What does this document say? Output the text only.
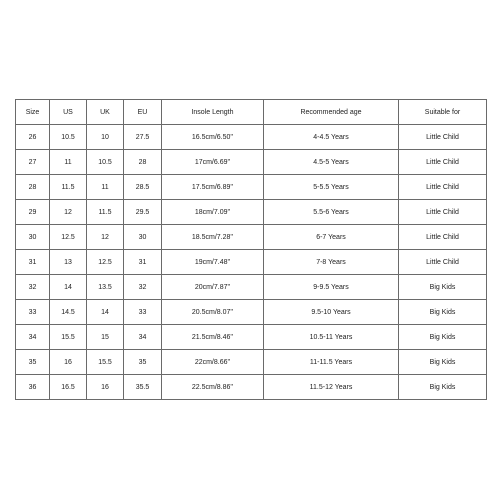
Size	US	UK	EU	Insole Length	Recommended age	Suitable for
26	10.5	10	27.5	16.5cm/6.50''	4-4.5 Years	Little Child
27	11	10.5	28	17cm/6.69''	4.5-5 Years	Little Child
28	11.5	11	28.5	17.5cm/6.89''	5-5.5 Years	Little Child
29	12	11.5	29.5	18cm/7.09''	5.5-6 Years	Little Child
30	12.5	12	30	18.5cm/7.28''	6-7 Years	Little Child
31	13	12.5	31	19cm/7.48''	7-8 Years	Little Child
32	14	13.5	32	20cm/7.87''	9-9.5 Years	Big Kids
33	14.5	14	33	20.5cm/8.07''	9.5-10 Years	Big Kids
34	15.5	15	34	21.5cm/8.46''	10.5-11 Years	Big Kids
35	16	15.5	35	22cm/8.66''	11-11.5 Years	Big Kids
36	16.5	16	35.5	22.5cm/8.86''	11.5-12 Years	Big Kids
